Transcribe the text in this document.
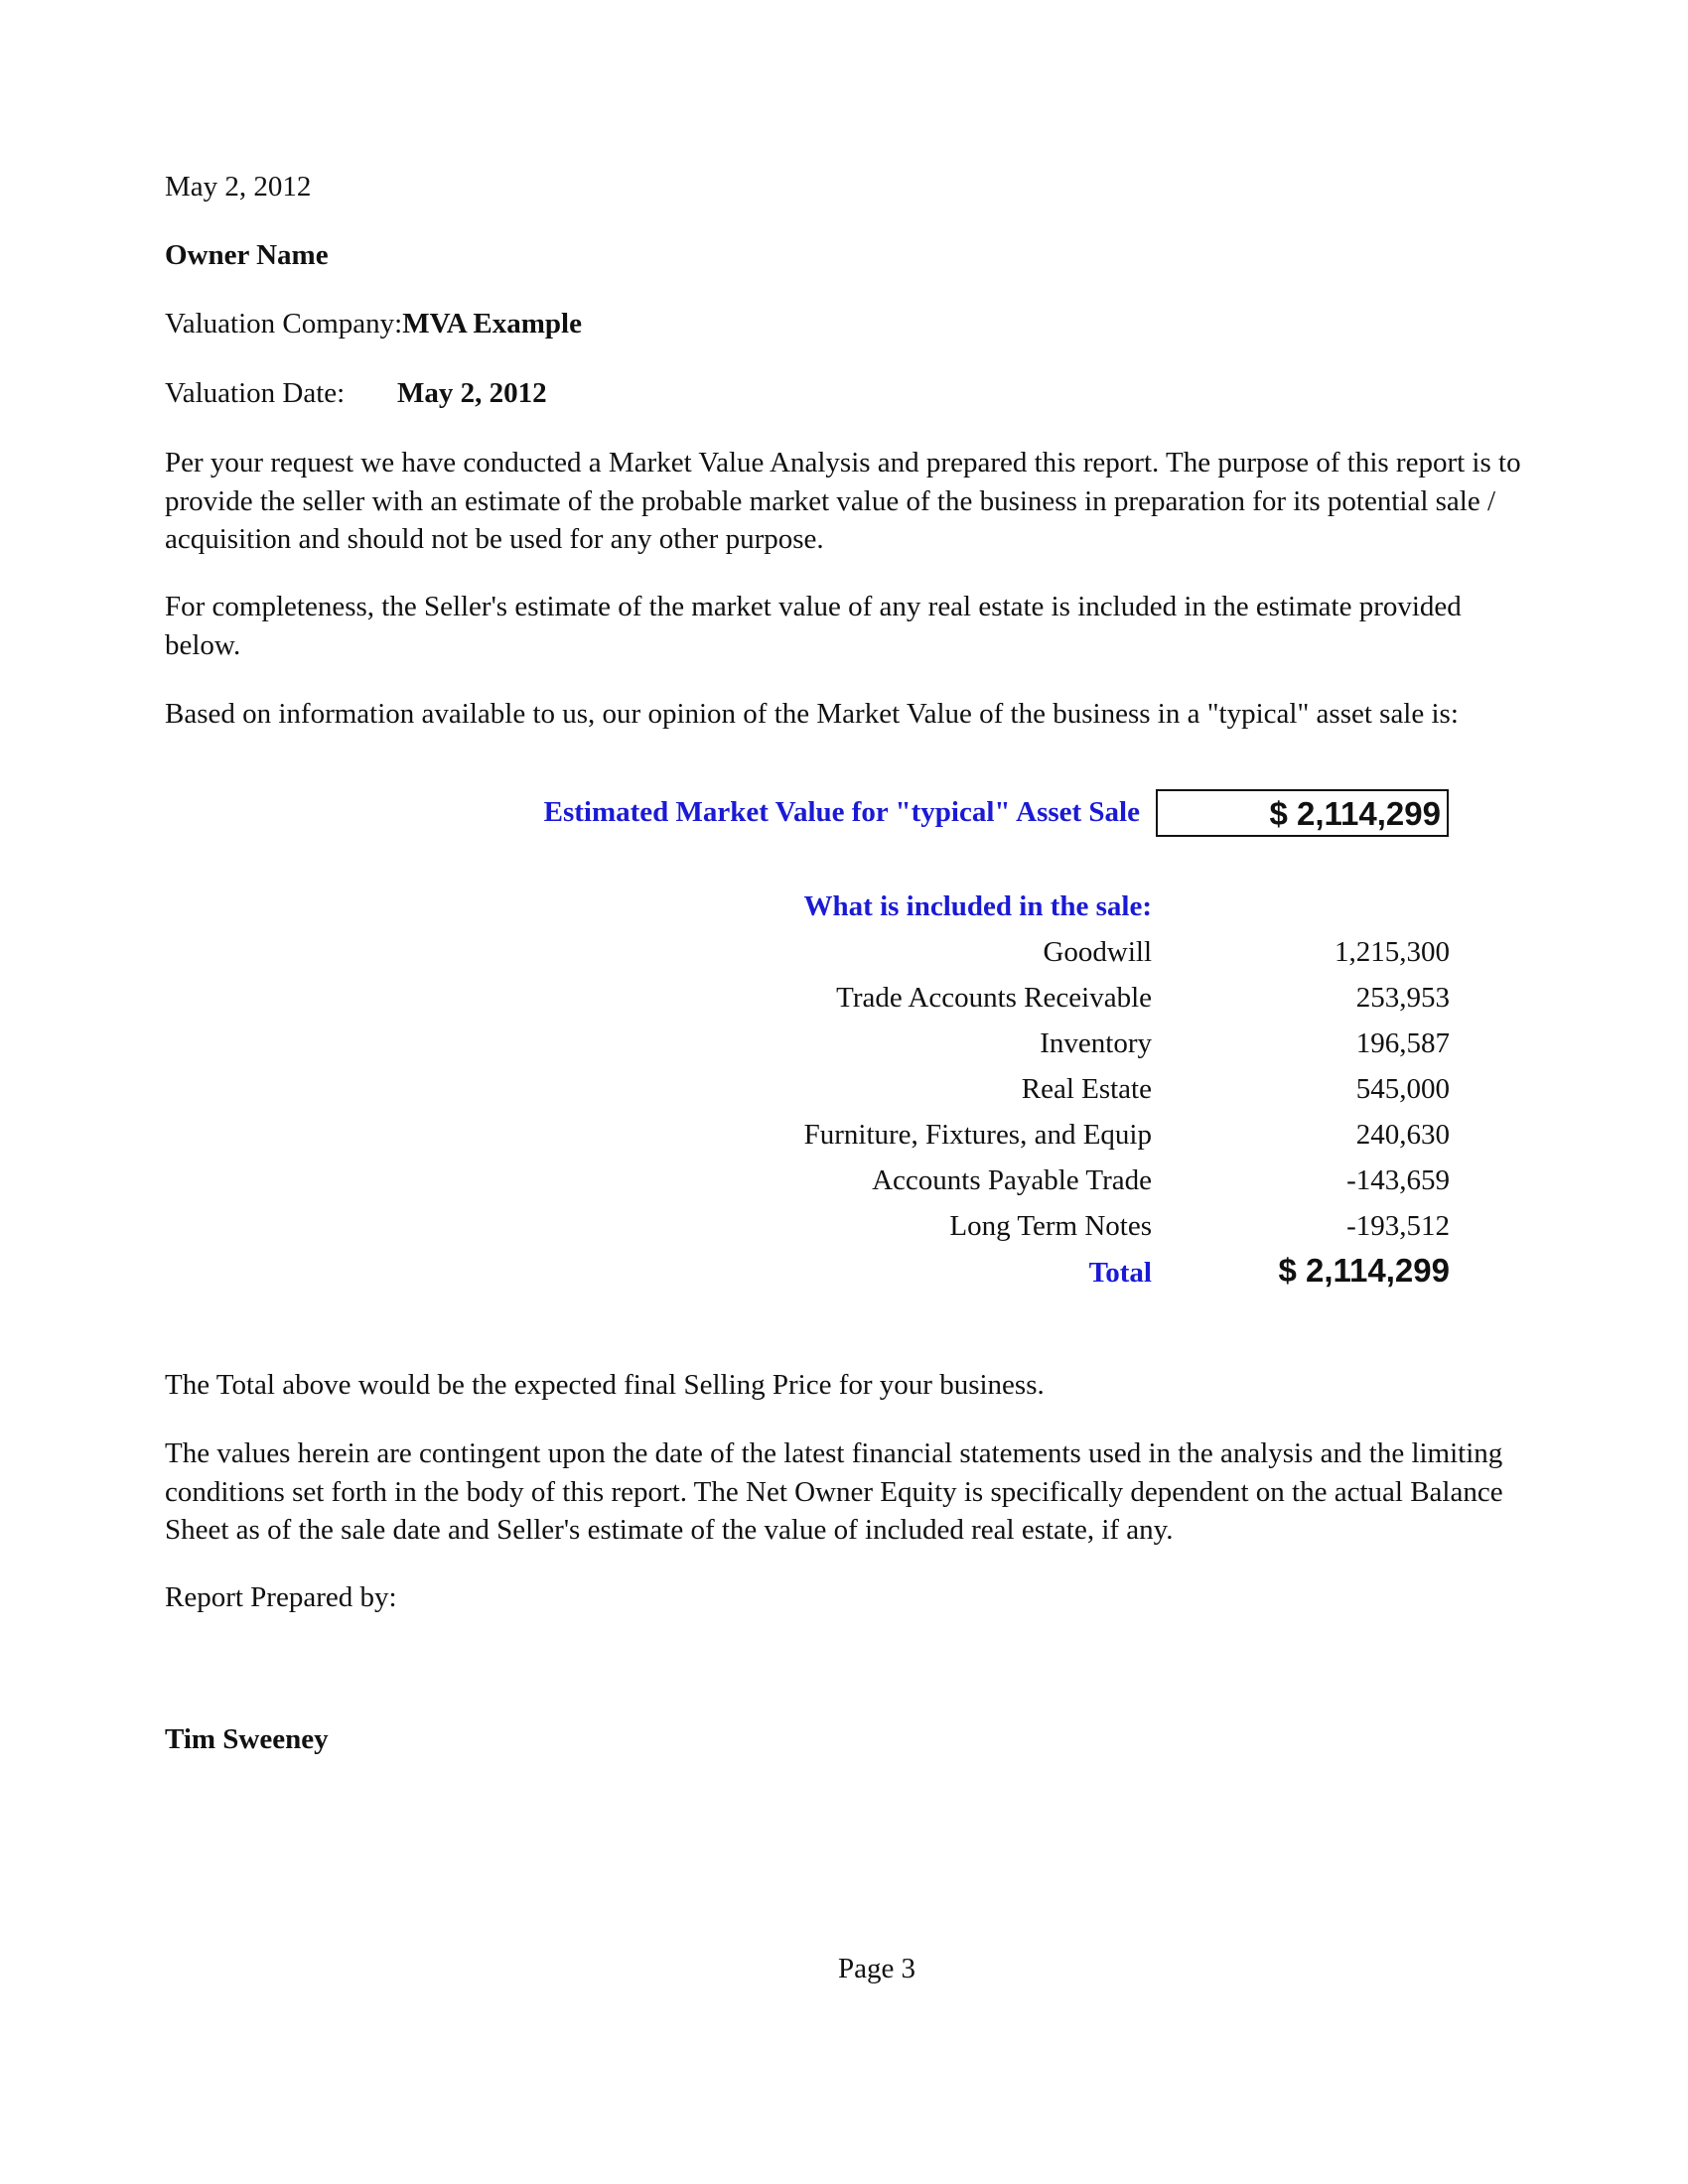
May 2, 2012
Owner Name
Valuation Company:MVA Example
Valuation Date: May 2, 2012
Per your request we have conducted a Market Value Analysis and prepared this report. The purpose of this report is to provide the seller with an estimate of the probable market value of the business in preparation for its potential sale / acquisition and should not be used for any other purpose.
For completeness, the Seller's estimate of the market value of any real estate is included in the estimate provided below.
Based on information available to us, our opinion of the Market Value of the business in a "typical" asset sale is:
Estimated Market Value for "typical" Asset Sale	$ 2,114,299
What is included in the sale:
Goodwill	1,215,300
Trade Accounts Receivable	253,953
Inventory	196,587
Real Estate	545,000
Furniture, Fixtures, and Equip	240,630
Accounts Payable Trade	-143,659
Long Term Notes	-193,512
Total	$ 2,114,299
The Total above would be the expected final Selling Price for your business.
The values herein are contingent upon the date of the latest financial statements used in the analysis and the limiting conditions set forth in the body of this report. The Net Owner Equity is specifically dependent on the actual Balance Sheet as of the sale date and Seller's estimate of the value of included real estate, if any.
Report Prepared by:
Tim Sweeney
Page 3
